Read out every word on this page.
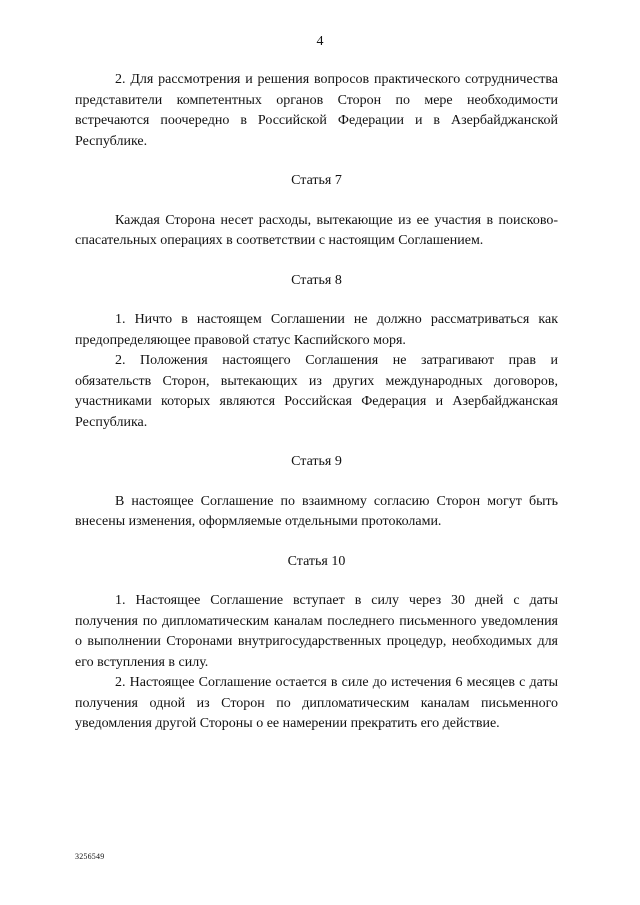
4

2. Для рассмотрения и решения вопросов практического сотрудничества представители компетентных органов Сторон по мере необходимости встречаются поочередно в Российской Федерации и в Азербайджанской Республике.

Статья 7

Каждая Сторона несет расходы, вытекающие из ее участия в поисково-спасательных операциях в соответствии с настоящим Соглашением.

Статья 8

1. Ничто в настоящем Соглашении не должно рассматриваться как предопределяющее правовой статус Каспийского моря.

2. Положения настоящего Соглашения не затрагивают прав и обязательств Сторон, вытекающих из других международных договоров, участниками которых являются Российская Федерация и Азербайджанская Республика.

Статья 9

В настоящее Соглашение по взаимному согласию Сторон могут быть внесены изменения, оформляемые отдельными протоколами.

Статья 10

1. Настоящее Соглашение вступает в силу через 30 дней с даты получения по дипломатическим каналам последнего письменного уведомления о выполнении Сторонами внутригосударственных процедур, необходимых для его вступления в силу.

2. Настоящее Соглашение остается в силе до истечения 6 месяцев с даты получения одной из Сторон по дипломатическим каналам письменного уведомления другой Стороны о ее намерении прекратить его действие.

3256549
